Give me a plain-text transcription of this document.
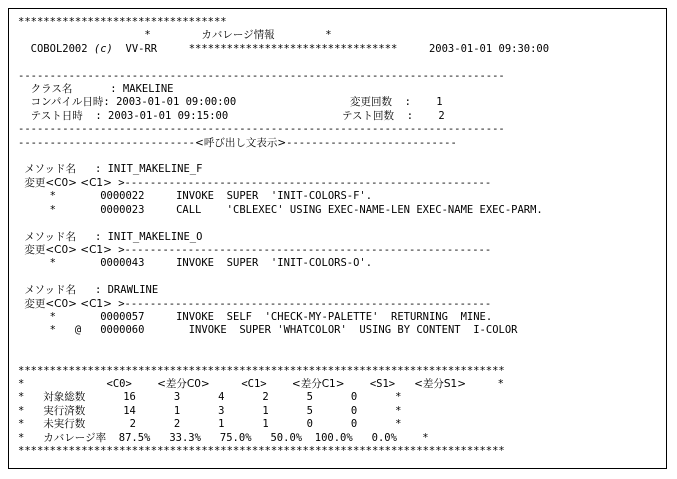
*********************************
*        カバレージ情報        *
COBOL2002 (c) VV-RR	*********************************	2003-01-01 09:30:00

-----------------------------------------------------------------------------
クラス名      : MAKELINE
コンパイル日時: 2003-01-01 09:00:00	変更回数  :    1
テスト日時  : 2003-01-01 09:15:00	テスト回数  :    2
-----------------------------------------------------------------------------
----------------------------<呼び出し文表示>---------------------------

メソッド名   : INIT_MAKELINE_F
変更<C0> <C1> >----------------------------------------------------------
*	0000022	INVOKE SUPER  'INIT-COLORS-F'.
*	0000023	CALL 'CBLEXEC' USING EXEC-NAME-LEN EXEC-NAME EXEC-PARM.

メソッド名   : INIT_MAKELINE_O
変更<C0> <C1> >----------------------------------------------------------
*	0000043	INVOKE SUPER  'INIT-COLORS-O'.

メソッド名   : DRAWLINE
変更<C0> <C1> >----------------------------------------------------------
*	0000057	INVOKE SELF  'CHECK-MY-PALETTE'  RETURNING  MINE.
* @ 0000060	INVOKE SUPER 'WHATCOLOR'  USING BY CONTENT  I-COLOR

*****************************************************************************
*             <C0> <差分C0>	<C1> <差分C1> <S1> <差分S1>     *
*   対象総数	16	3	4	2	5	0      *
*   実行済数	14	1	3	1	5	0      *
*   未実行数	2	2	1	1	0	0      *
*   カバレージ率 87.5% 33.3% 75.0% 50.0% 100.0% 0.0%    *
*****************************************************************************
